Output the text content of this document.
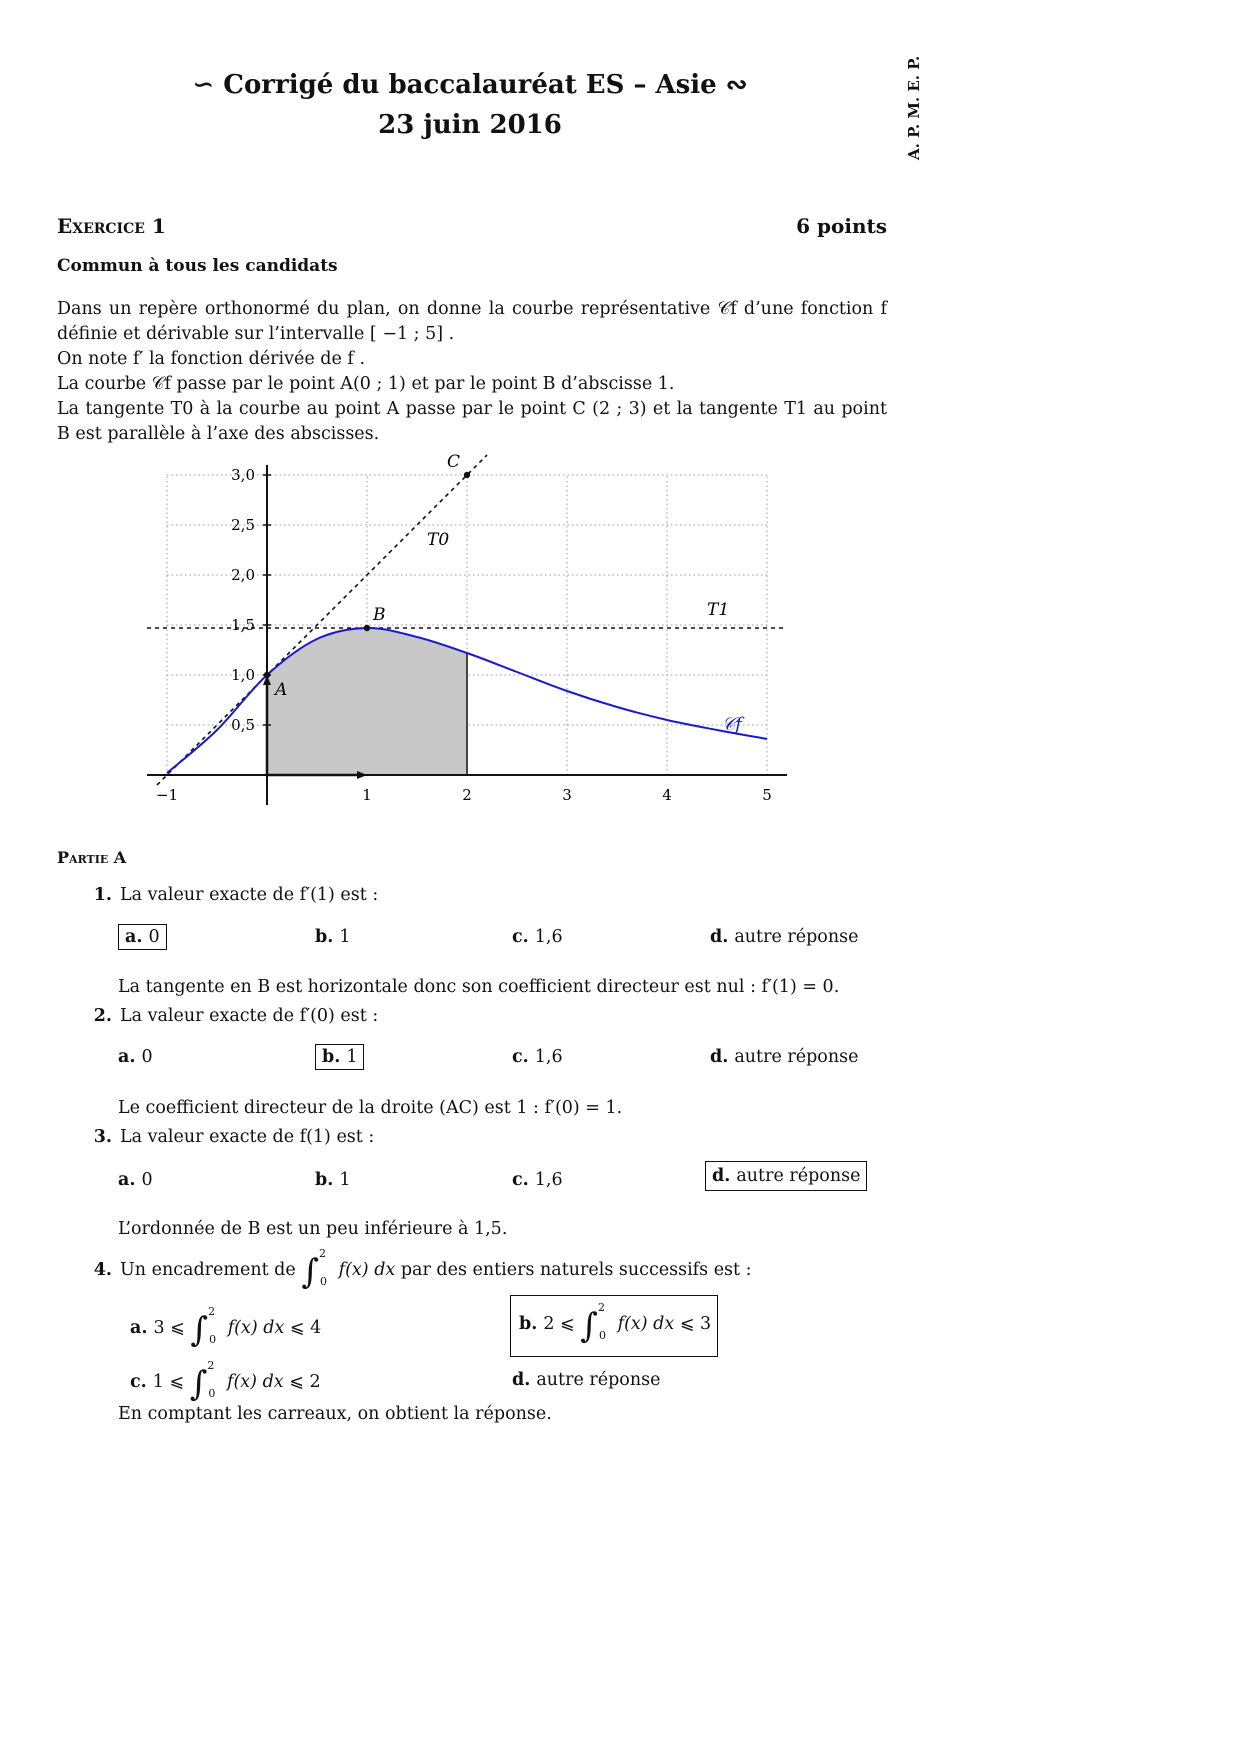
∽ Corrigé du baccalauréat ES – Asie ∾
23 juin 2016	A. P. M. E. P.
Exercice 1	6 points
Commun à tous les candidats

Dans un repère orthonormé du plan, on donne la courbe représentative 𝒞f d’une fonction f définie et dérivable sur l’intervalle [ −1 ; 5] .

On note f′ la fonction dérivée de f .

La courbe 𝒞f passe par le point A(0 ; 1) et par le point B d’abscisse 1.

La tangente T0 à la courbe au point A passe par le point C (2 ; 3) et la tangente T1 au point B est parallèle à l’axe des abscisses.

−1	1	2	3	4	5
0,5
1,0
1,5
2,0
2,5
3,0
A
B
C
T0
T1
𝒞f
Partie A
1. La valeur exacte de f′(1) est :
a. 0	b. 1	c. 1,6	d. autre réponse
La tangente en B est horizontale donc son coefficient directeur est nul : f′(1) = 0.
2. La valeur exacte de f′(0) est :
a. 0	b. 1	c. 1,6	d. autre réponse
Le coefficient directeur de la droite (AC) est 1 : f′(0) = 1.
3. La valeur exacte de f(1) est :
a. 0	b. 1	c. 1,6	d. autre réponse
L’ordonnée de B est un peu inférieure à 1,5.
4. Un encadrement de ∫$^2_0$ f(x) dx par des entiers naturels successifs est :
a. 3 ⩽ ∫$^2_0$ f(x) dx ⩽ 4	b. 2 ⩽ ∫$^2_0$ f(x) dx ⩽ 3
c. 1 ⩽ ∫$^2_0$ f(x) dx ⩽ 2	d. autre réponse
En comptant les carreaux, on obtient la réponse.
